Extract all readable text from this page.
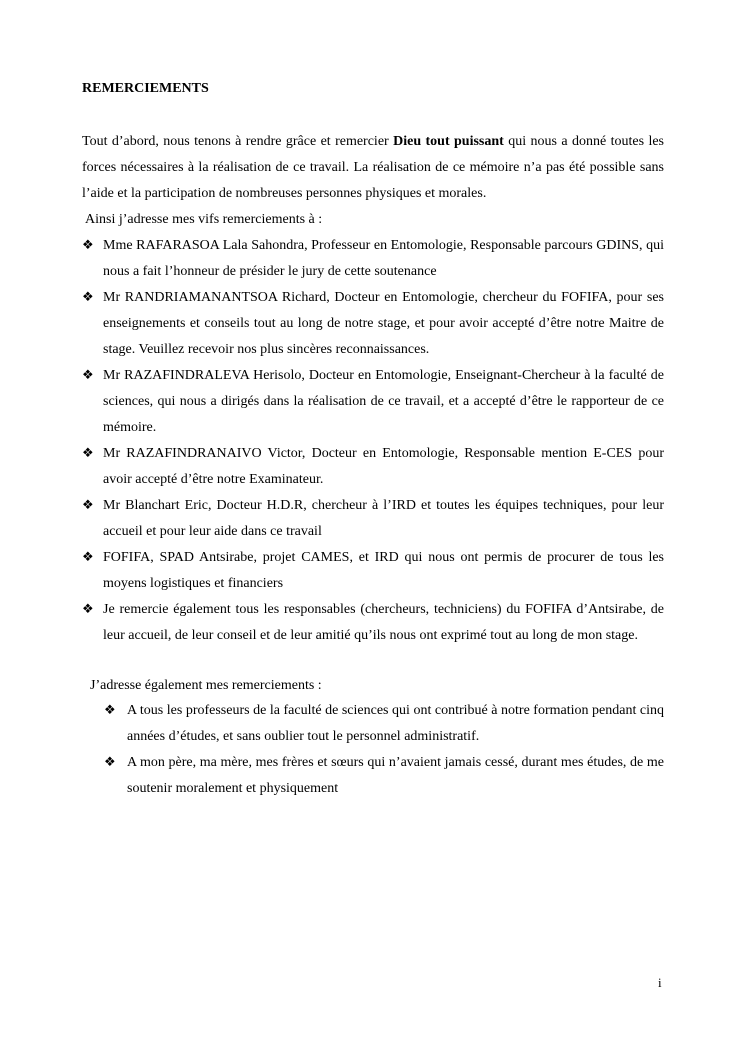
REMERCIEMENTS

Tout d’abord, nous tenons à rendre grâce et remercier Dieu tout puissant qui nous a donné toutes les forces nécessaires à la réalisation de ce travail. La réalisation de ce mémoire n’a pas été possible sans l’aide et la participation de nombreuses personnes physiques et morales.

Ainsi j’adresse mes vifs remerciements à :

❖ Mme RAFARASOA Lala Sahondra, Professeur en Entomologie, Responsable parcours GDINS, qui nous a fait l’honneur de présider le jury de cette soutenance
❖ Mr RANDRIAMANANTSOA Richard, Docteur en Entomologie, chercheur du FOFIFA, pour ses enseignements et conseils tout au long de notre stage, et pour avoir accepté d’être notre Maitre de stage. Veuillez recevoir nos plus sincères reconnaissances.
❖ Mr RAZAFINDRALEVA Herisolo, Docteur en Entomologie, Enseignant-Chercheur à la faculté de sciences, qui nous a dirigés dans la réalisation de ce travail, et a accepté d’être le rapporteur de ce mémoire.
❖ Mr RAZAFINDRANAIVO Victor, Docteur en Entomologie, Responsable mention E-CES pour avoir accepté d’être notre Examinateur.
❖ Mr Blanchart Eric, Docteur H.D.R, chercheur à l’IRD et toutes les équipes techniques, pour leur accueil et pour leur aide dans ce travail
❖ FOFIFA, SPAD Antsirabe, projet CAMES, et IRD qui nous ont permis de procurer de tous les moyens logistiques et financiers
❖ Je remercie également tous les responsables (chercheurs, techniciens) du FOFIFA d’Antsirabe, de leur accueil, de leur conseil et de leur amitié qu’ils nous ont exprimé tout au long de mon stage.

J’adresse également mes remerciements :

❖ A tous les professeurs de la faculté de sciences qui ont contribué à notre formation pendant cinq années d’études, et sans oublier tout le personnel administratif.
❖ A mon père, ma mère, mes frères et sœurs qui n’avaient jamais cessé, durant mes études, de me soutenir moralement et physiquement
i
